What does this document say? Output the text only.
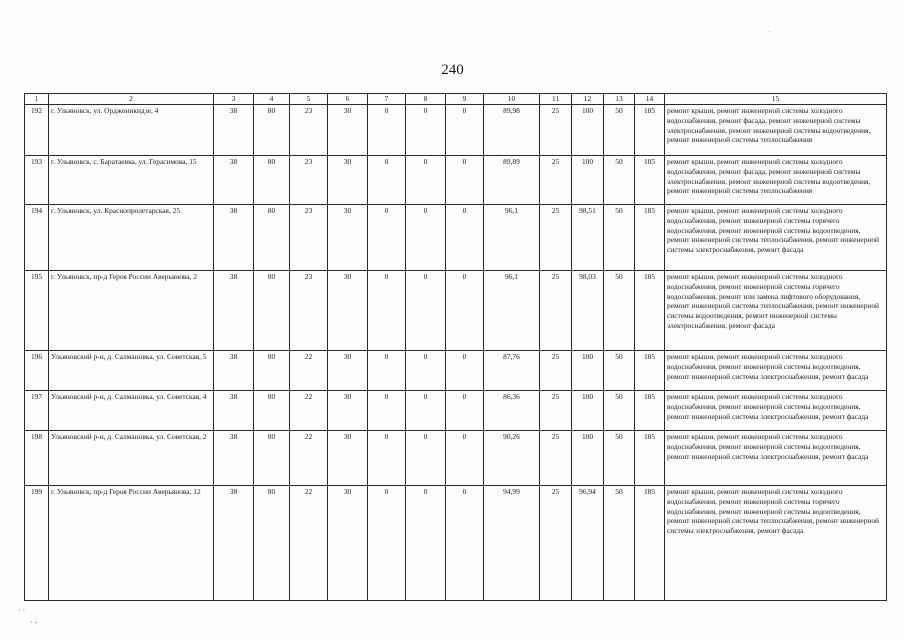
·
240
1	2	3	4	5	6	7	8	9	10	11	12	13	14	15
192	г. Ульяновск, ул. Орджоникидзе, 4	38	80	23	30	0	0	0	89,98	25	100	50	185	ремонт крыши, ремонт инженерной системы холодного водоснабжения, ремонт фасада, ремонт инженерной системы электроснабжения, ремонт инженерной системы водоотведения, ремонт инженерной системы теплоснабжения
193	г. Ульяновск, с. Баратаевка, ул. Герасимова, 15	38	80	23	30	0	0	0	89,89	25	100	50	185	ремонт крыши, ремонт инженерной системы холодного водоснабжения, ремонт фасада, ремонт инженерной системы электроснабжения, ремонт инженерной системы водоотведения, ремонт инженерной системы теплоснабжения
194	г. Ульяновск, ул. Краснопролетарская, 25	38	80	23	30	0	0	0	96,1	25	98,51	50	185	ремонт крыши, ремонт инженерной системы холодного водоснабжения, ремонт инженерной системы горячего водоснабжения, ремонт инженерной системы водоотведения, ремонт инженерной системы теплоснабжения, ремонт инженерной системы электроснабжения, ремонт фасада
195	г. Ульяновск, пр-д Героя России Аверьянова, 2	38	80	23	30	0	0	0	96,1	25	98,03	50	185	ремонт крыши, ремонт инженерной системы холодного водоснабжения, ремонт инженерной системы горячего водоснабжения, ремонт или замена лифтового оборудования, ремонт инженерной системы теплоснабжения, ремонт инженерной системы водоотведения, ремонт инженерной системы электроснабжения, ремонт фасада
196	Ульяновский р-н, д. Салмановка, ул. Советская, 5	38	80	22	30	0	0	0	87,76	25	100	50	185	ремонт крыши, ремонт инженерной системы холодного водоснабжения, ремонт инженерной системы водоотведения, ремонт инженерной системы электроснабжения, ремонт фасада
197	Ульяновский р-н, д. Салмановка, ул. Советская, 4	38	80	22	30	0	0	0	86,36	25	100	50	185	ремонт крыши, ремонт инженерной системы холодного водоснабжения, ремонт инженерной системы водоотведения, ремонт инженерной системы электроснабжения, ремонт фасада
198	Ульяновский р-н, д. Салмановка, ул. Советская, 2	38	80	22	30	0	0	0	90,26	25	100	50	185	ремонт крыши, ремонт инженерной системы холодного водоснабжения, ремонт инженерной системы водоотведения, ремонт инженерной системы электроснабжения, ремонт фасада
199	г. Ульяновск, пр-д Героя России Аверьянова, 12	38	80	22	30	0	0	0	94,99	25	96,94	50	185	ремонт крыши, ремонт инженерной системы холодного водоснабжения, ремонт инженерной системы горячего водоснабжения, ремонт инженерной системы водоотведения, ремонт инженерной системы теплоснабжения, ремонт инженерной системы электроснабжения, ремонт фасада
· ·
· -
